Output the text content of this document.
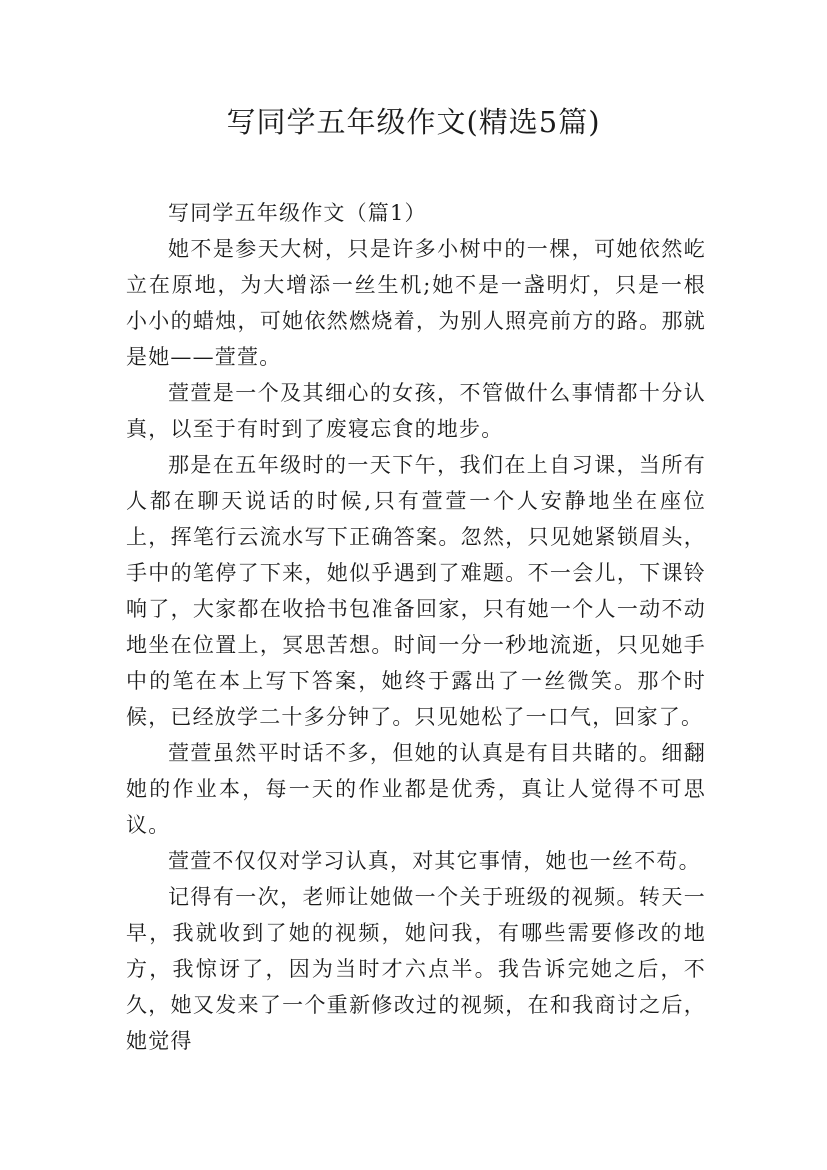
写同学五年级作文(精选5篇)

写同学五年级作文（篇1）

她不是参天大树，只是许多小树中的一棵，可她依然屹立在原地，为大增添一丝生机;她不是一盏明灯，只是一根小小的蜡烛，可她依然燃烧着，为别人照亮前方的路。那就是她——萱萱。

萱萱是一个及其细心的女孩，不管做什么事情都十分认真，以至于有时到了废寝忘食的地步。

那是在五年级时的一天下午，我们在上自习课，当所有人都在聊天说话的时候,只有萱萱一个人安静地坐在座位上，挥笔行云流水写下正确答案。忽然，只见她紧锁眉头，手中的笔停了下来，她似乎遇到了难题。不一会儿，下课铃响了，大家都在收拾书包准备回家，只有她一个人一动不动地坐在位置上，冥思苦想。时间一分一秒地流逝，只见她手中的笔在本上写下答案，她终于露出了一丝微笑。那个时候，已经放学二十多分钟了。只见她松了一口气，回家了。

萱萱虽然平时话不多，但她的认真是有目共睹的。细翻她的作业本，每一天的作业都是优秀，真让人觉得不可思议。

萱萱不仅仅对学习认真，对其它事情，她也一丝不苟。

记得有一次，老师让她做一个关于班级的视频。转天一早，我就收到了她的视频，她问我，有哪些需要修改的地方，我惊讶了，因为当时才六点半。我告诉完她之后，不久，她又发来了一个重新修改过的视频，在和我商讨之后，她觉得
